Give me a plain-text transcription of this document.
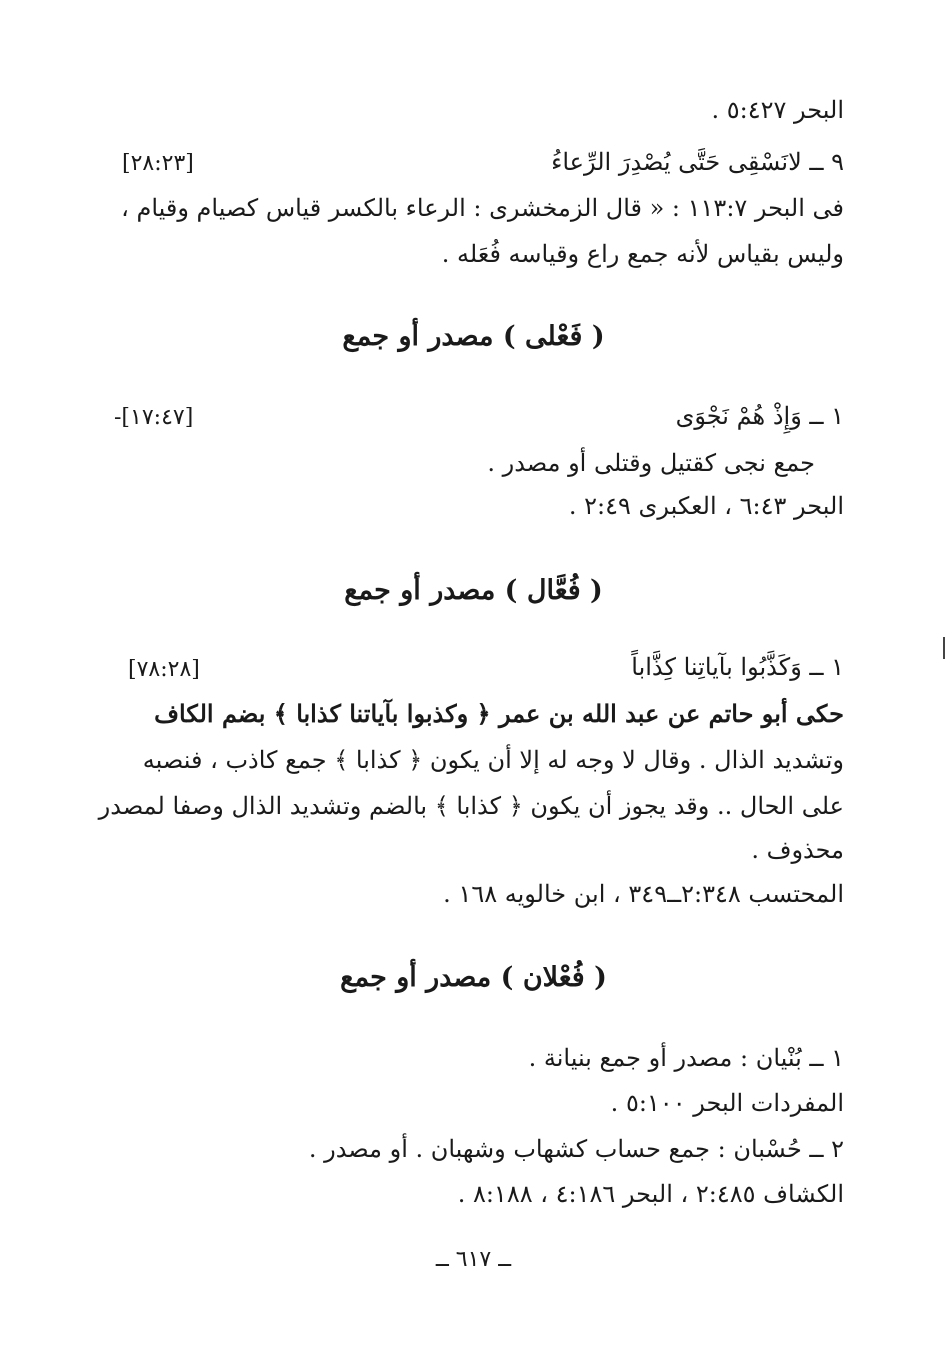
البحر ٥:٤٢٧ .
٩ ــ لانَسْقِى حَتَّى يُصْدِرَ الرِّعاءُ
[٢٨:٢٣]
فى البحر ١١٣:٧ : « قال الزمخشرى : الرعاء بالكسر قياس كصيام وقيام ،
وليس بقياس لأنه جمع راع وقياسه فُعَله .
( فَعْلى ) مصدر أو جمع
١ ــ وَإِذْ هُمْ نَجْوَى
-[١٧:٤٧]
جمع نجى كقتيل وقتلى أو مصدر .
البحر ٦:٤٣ ، العكبرى ٢:٤٩ .
( فُعَّال ) مصدر أو جمع
١ ــ وَكَذَّبُوا بآياتِنا كِذَّاباً
[٧٨:٢٨]
حكى أبو حاتم عن عبد الله بن عمر ﴿ وكذبوا بآياتنا كذابا ﴾ بضم الكاف
وتشديد الذال . وقال لا وجه له إلا أن يكون ﴿ كذابا ﴾ جمع كاذب ، فنصبه
على الحال .. وقد يجوز أن يكون ﴿ كذابا ﴾ بالضم وتشديد الذال وصفا لمصدر
محذوف .
المحتسب ٢:٣٤٨ــ٣٤٩ ، ابن خالويه ١٦٨ .
( فُعْلان ) مصدر أو جمع
١ ــ بُنْيان : مصدر أو جمع بنيانة .
المفردات البحر ٥:١٠٠ .
٢ ــ حُسْبان : جمع حساب كشهاب وشهبان . أو مصدر .
الكشاف ٢:٤٨٥ ، البحر ٤:١٨٦ ، ٨:١٨٨ .
ــ ٦١٧ ــ
